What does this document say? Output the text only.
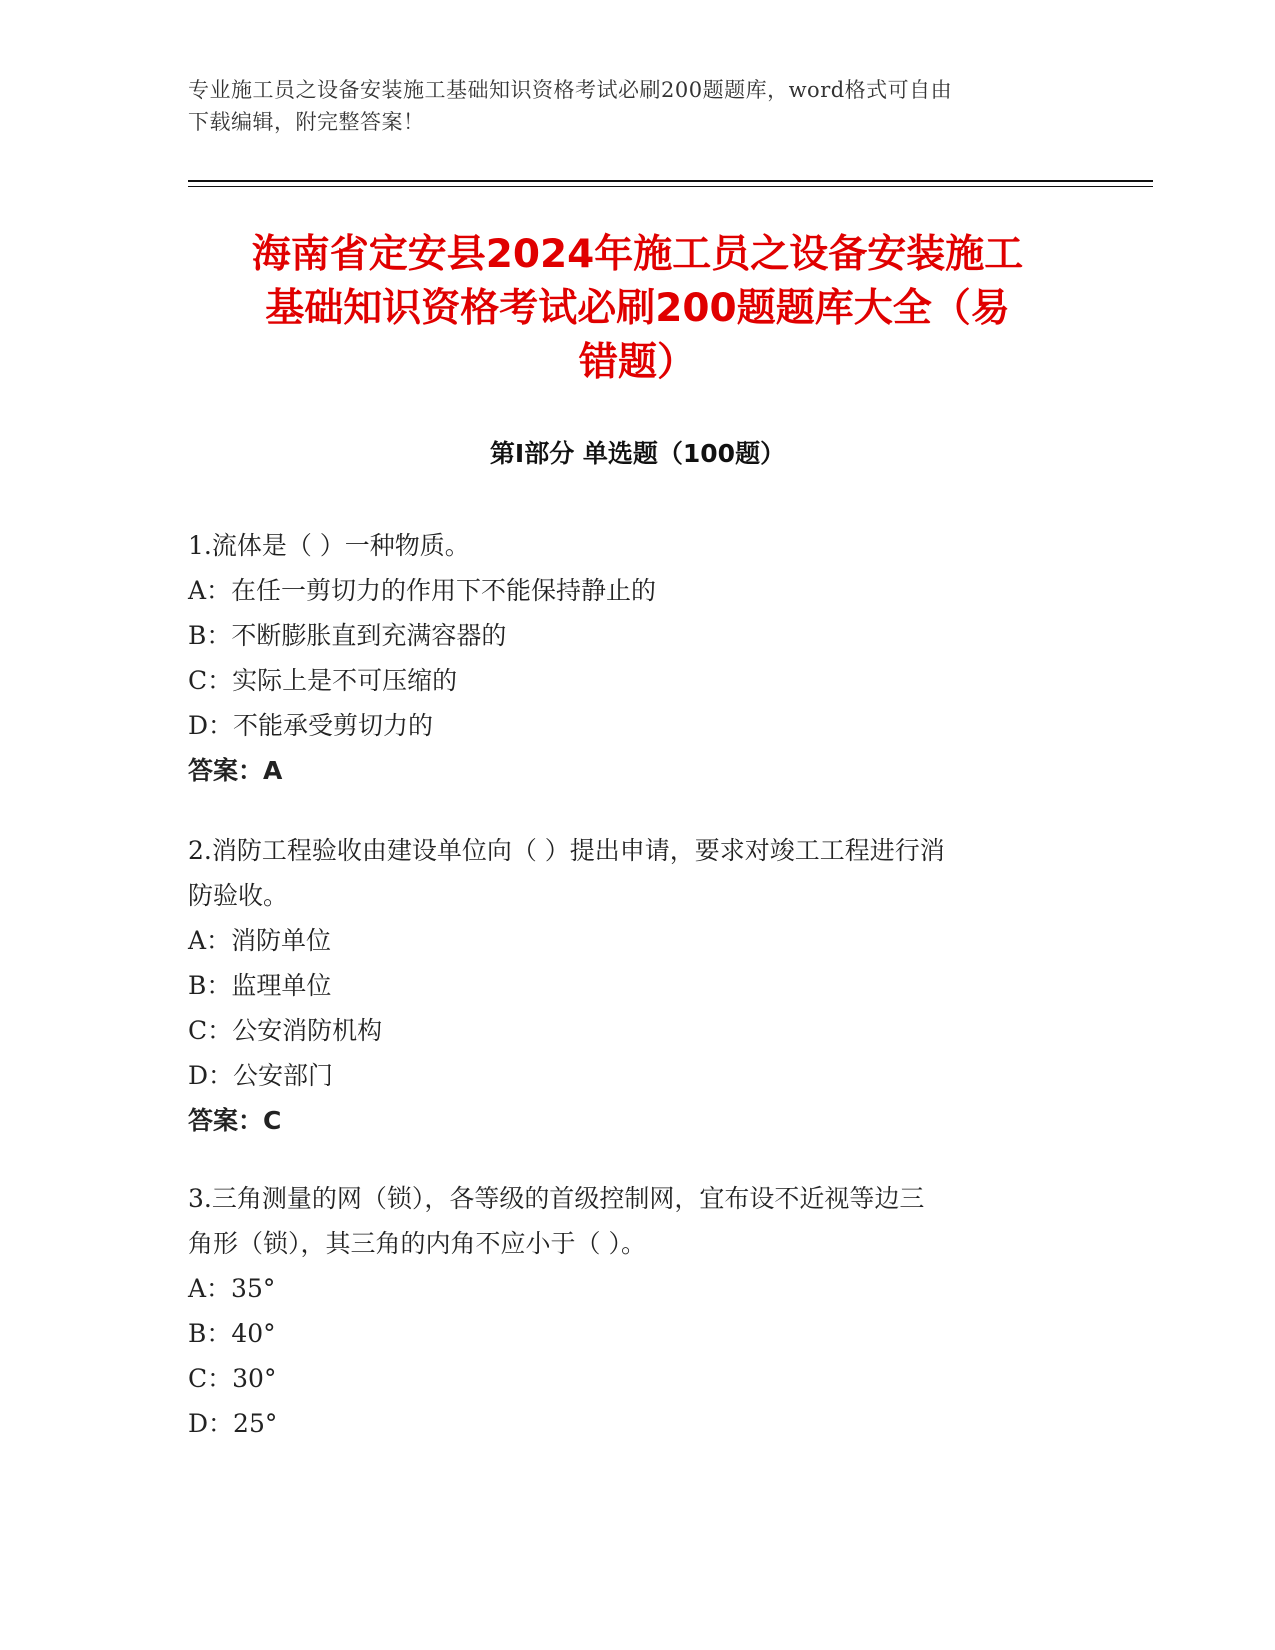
专业施工员之设备安装施工基础知识资格考试必刷200题题库，word格式可自由
下载编辑，附完整答案！
海南省定安县2024年施工员之设备安装施工
基础知识资格考试必刷200题题库大全（易
错题）
第Ⅰ部分 单选题（100题）
1.流体是（ ）一种物质。
A：在任一剪切力的作用下不能保持静止的
B：不断膨胀直到充满容器的
C：实际上是不可压缩的
D：不能承受剪切力的
答案：A
2.消防工程验收由建设单位向（ ）提出申请，要求对竣工工程进行消
防验收。
A：消防单位
B：监理单位
C：公安消防机构
D：公安部门
答案：C
3.三角测量的网（锁），各等级的首级控制网，宜布设不近视等边三
角形（锁），其三角的内角不应小于（ ）。
A：35°
B：40°
C：30°
D：25°
